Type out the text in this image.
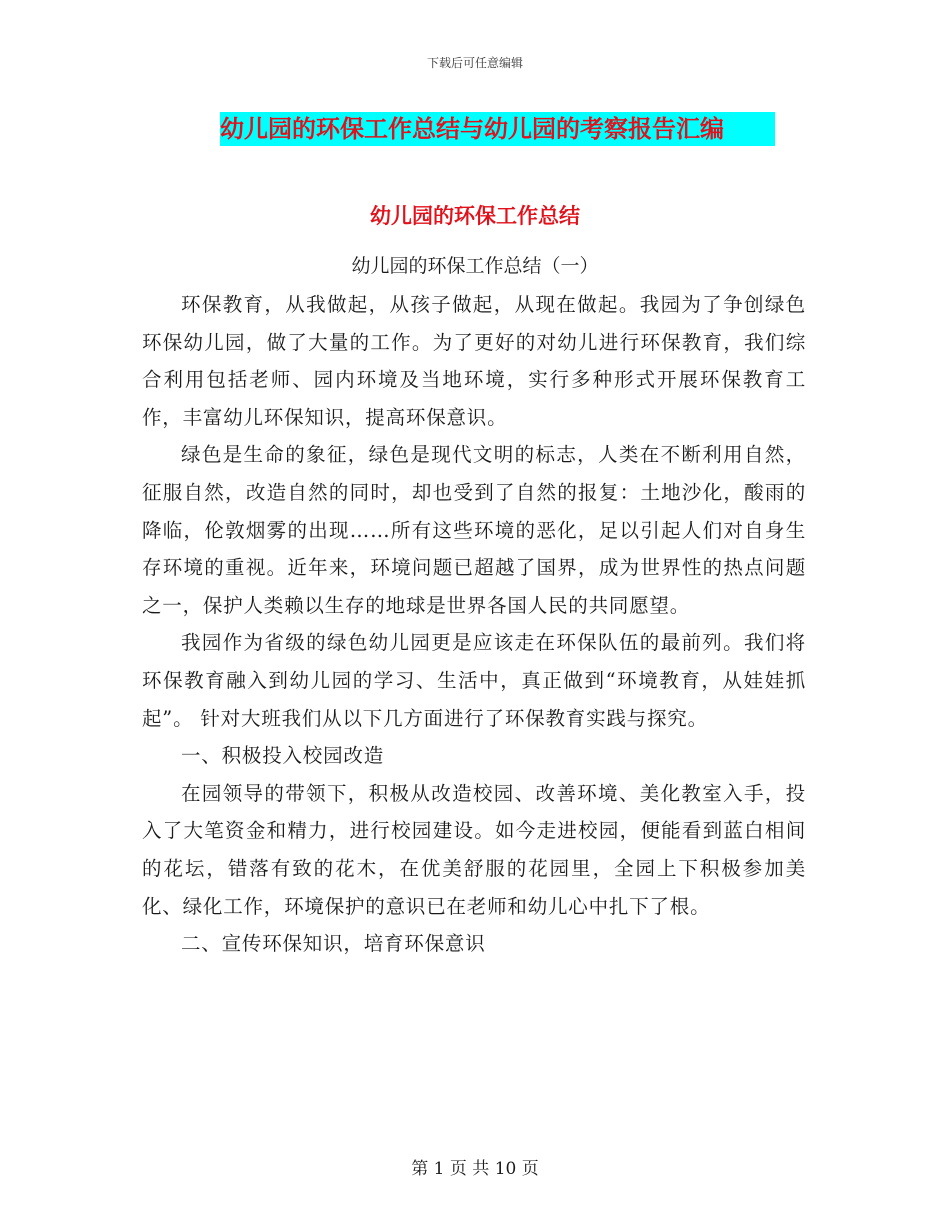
下载后可任意编辑
幼儿园的环保工作总结与幼儿园的考察报告汇编
幼儿园的环保工作总结
幼儿园的环保工作总结（一）

环保教育，从我做起，从孩子做起，从现在做起。我园为了争创绿色环保幼儿园，做了大量的工作。为了更好的对幼儿进行环保教育，我们综合利用包括老师、园内环境及当地环境，实行多种形式开展环保教育工作，丰富幼儿环保知识，提高环保意识。

绿色是生命的象征，绿色是现代文明的标志，人类在不断利用自然，征服自然，改造自然的同时，却也受到了自然的报复：土地沙化，酸雨的降临，伦敦烟雾的出现……所有这些环境的恶化，足以引起人们对自身生存环境的重视。近年来，环境问题已超越了国界，成为世界性的热点问题之一，保护人类赖以生存的地球是世界各国人民的共同愿望。

我园作为省级的绿色幼儿园更是应该走在环保队伍的最前列。我们将环保教育融入到幼儿园的学习、生活中，真正做到“环境教育，从娃娃抓起”。 针对大班我们从以下几方面进行了环保教育实践与探究。

一、积极投入校园改造

在园领导的带领下，积极从改造校园、改善环境、美化教室入手，投入了大笔资金和精力，进行校园建设。如今走进校园，便能看到蓝白相间的花坛，错落有致的花木，在优美舒服的花园里，全园上下积极参加美化、绿化工作，环境保护的意识已在老师和幼儿心中扎下了根。

二、宣传环保知识，培育环保意识

第 1 页 共 10 页
